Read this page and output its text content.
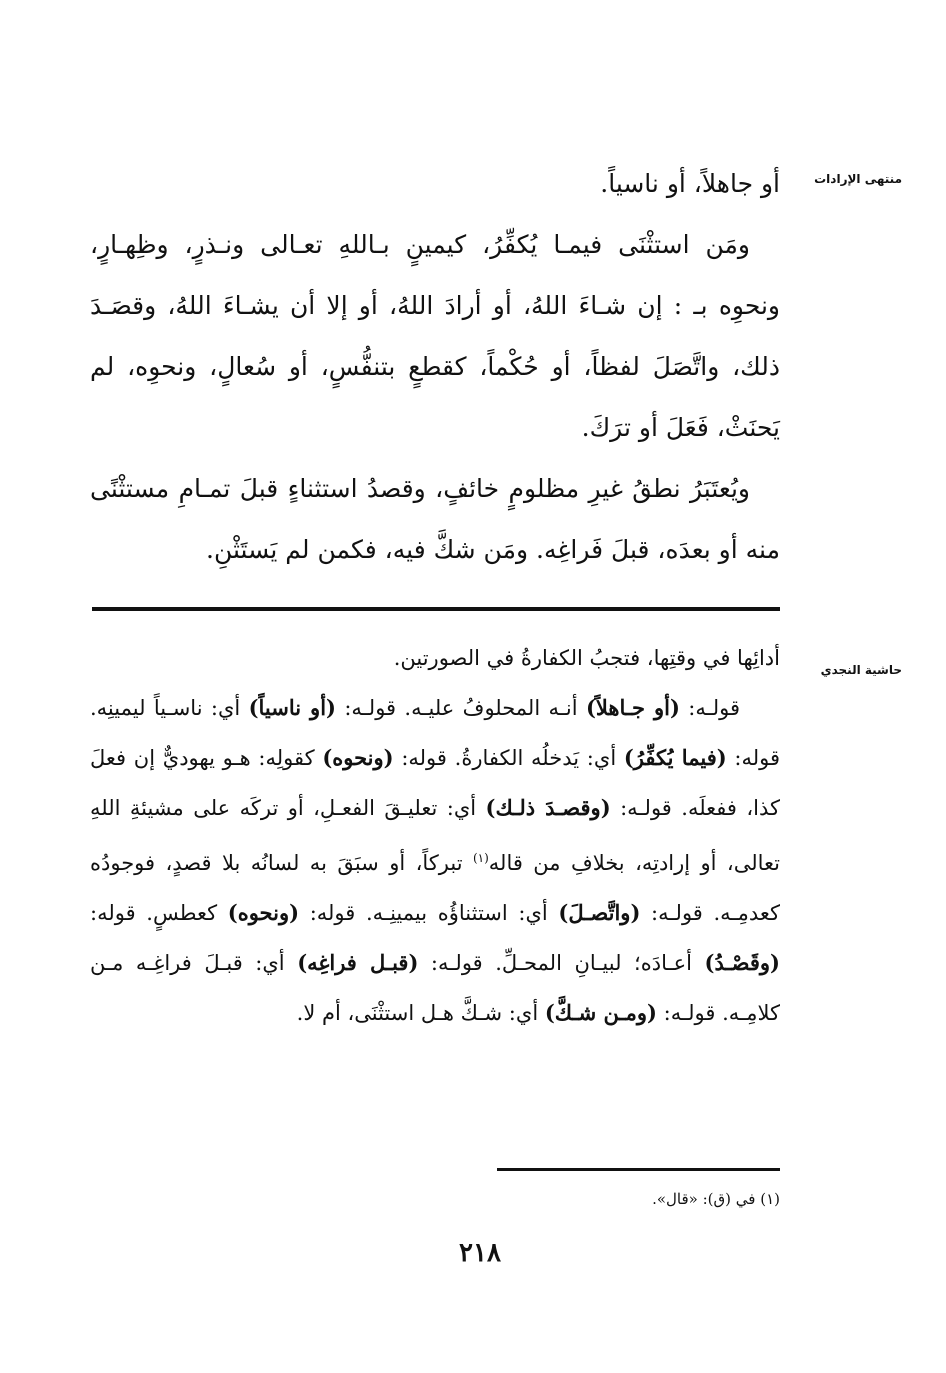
منتهى الإرادات

أو جاهلاً، أو ناسياً.

ومَن استثْنَى فيمـا يُكفِّرُ، كيمينٍ بـاللهِ تعـالى ونـذرٍ، وظِهـارٍ، ونحوِه بـ : إن شـاءَ اللهُ، أو أرادَ اللهُ، أو إلا أن يشـاءَ اللهُ، وقصَـدَ ذلك، واتَّصَلَ لفظاً، أو حُكْماً، كقطعٍ بتنفُّسٍ، أو سُعالٍ، ونحوِه، لم يَحنَثْ، فَعَلَ أو ترَكَ.

ويُعتَبَرُ نطقُ غيرِ مظلومٍ خائفٍ، وقصدُ استثناءٍ قبلَ تمـامِ مستثْنًى منه أو بعدَه، قبلَ فَراغِه. ومَن شكَّ فيه، فكمن لم يَستَثْنِ.

حاشية النجدي

أدائِها في وقتِها، فتجبُ الكفارةُ في الصورتين.

قولـه: (أو جـاهلاً) أنـه المحلوفُ عليـه. قولـه: (أو ناسياً) أي: ناسـياً ليمينِه. قوله: (فيما يُكفِّرُ) أي: يَدخلُه الكفارةُ. قوله: (ونحوه) كقولِه: هـو يهوديٌّ إن فعلَ كذا، ففعلَه. قولـه: (وقصـدَ ذلـك) أي: تعليـقَ الفعـلِ، أو تركَه على مشيئةِ اللهِ تعالى، أو إرادتِه، بخلافِ من قاله$^{(١)}$ تبركاً، أو سبَقَ به لسانُه بلا قصدٍ، فوجودُه كعدمِـه. قولـه: (واتَّصـلَ) أي: استثناؤُه بيمينِـه. قوله: (ونحوه) كعطسٍ. قوله: (وقَصْـدُ) أعـادَه؛ لبيـانِ المحـلِّ. قولـه: (قبـل فراغِه) أي: قبـلَ فراغِـه مـن كلامِـه. قولـه: (ومـن شـكَّ) أي: شـكَّ هـل استثْنَى، أم لا.

(١) في (ق): «قال».
٢١٨
